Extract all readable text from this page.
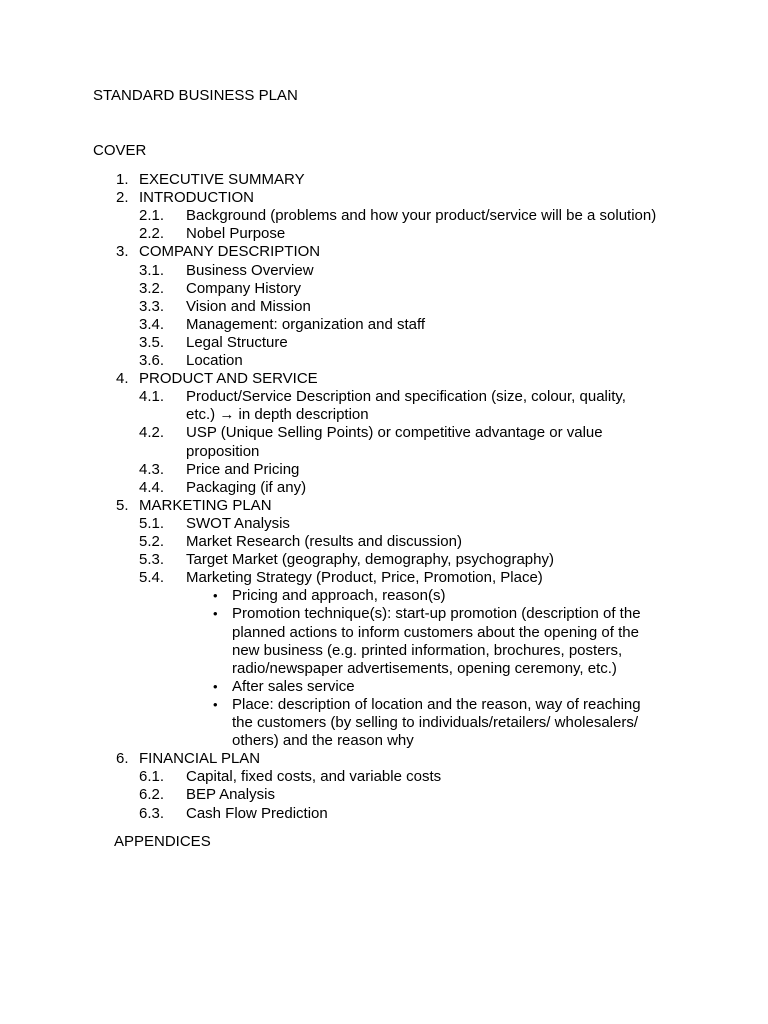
STANDARD BUSINESS PLAN
COVER
1. EXECUTIVE SUMMARY
2. INTRODUCTION
2.1. Background (problems and how your product/service will be a solution)
2.2. Nobel Purpose
3. COMPANY DESCRIPTION
3.1. Business Overview
3.2. Company History
3.3. Vision and Mission
3.4. Management: organization and staff
3.5. Legal Structure
3.6. Location
4. PRODUCT AND SERVICE
4.1. Product/Service Description and specification (size, colour, quality,
etc.) → in depth description
4.2. USP (Unique Selling Points) or competitive advantage or value
proposition
4.3. Price and Pricing
4.4. Packaging (if any)
5. MARKETING PLAN
5.1. SWOT Analysis
5.2. Market Research (results and discussion)
5.3. Target Market (geography, demography, psychography)
5.4. Marketing Strategy (Product, Price, Promotion, Place)
• Pricing and approach, reason(s)
• Promotion technique(s): start-up promotion (description of the
planned actions to inform customers about the opening of the
new business (e.g. printed information, brochures, posters,
radio/newspaper advertisements, opening ceremony, etc.)
• After sales service
• Place: description of location and the reason, way of reaching
the customers (by selling to individuals/retailers/ wholesalers/
others) and the reason why
6. FINANCIAL PLAN
6.1. Capital, fixed costs, and variable costs
6.2. BEP Analysis
6.3. Cash Flow Prediction
APPENDICES
